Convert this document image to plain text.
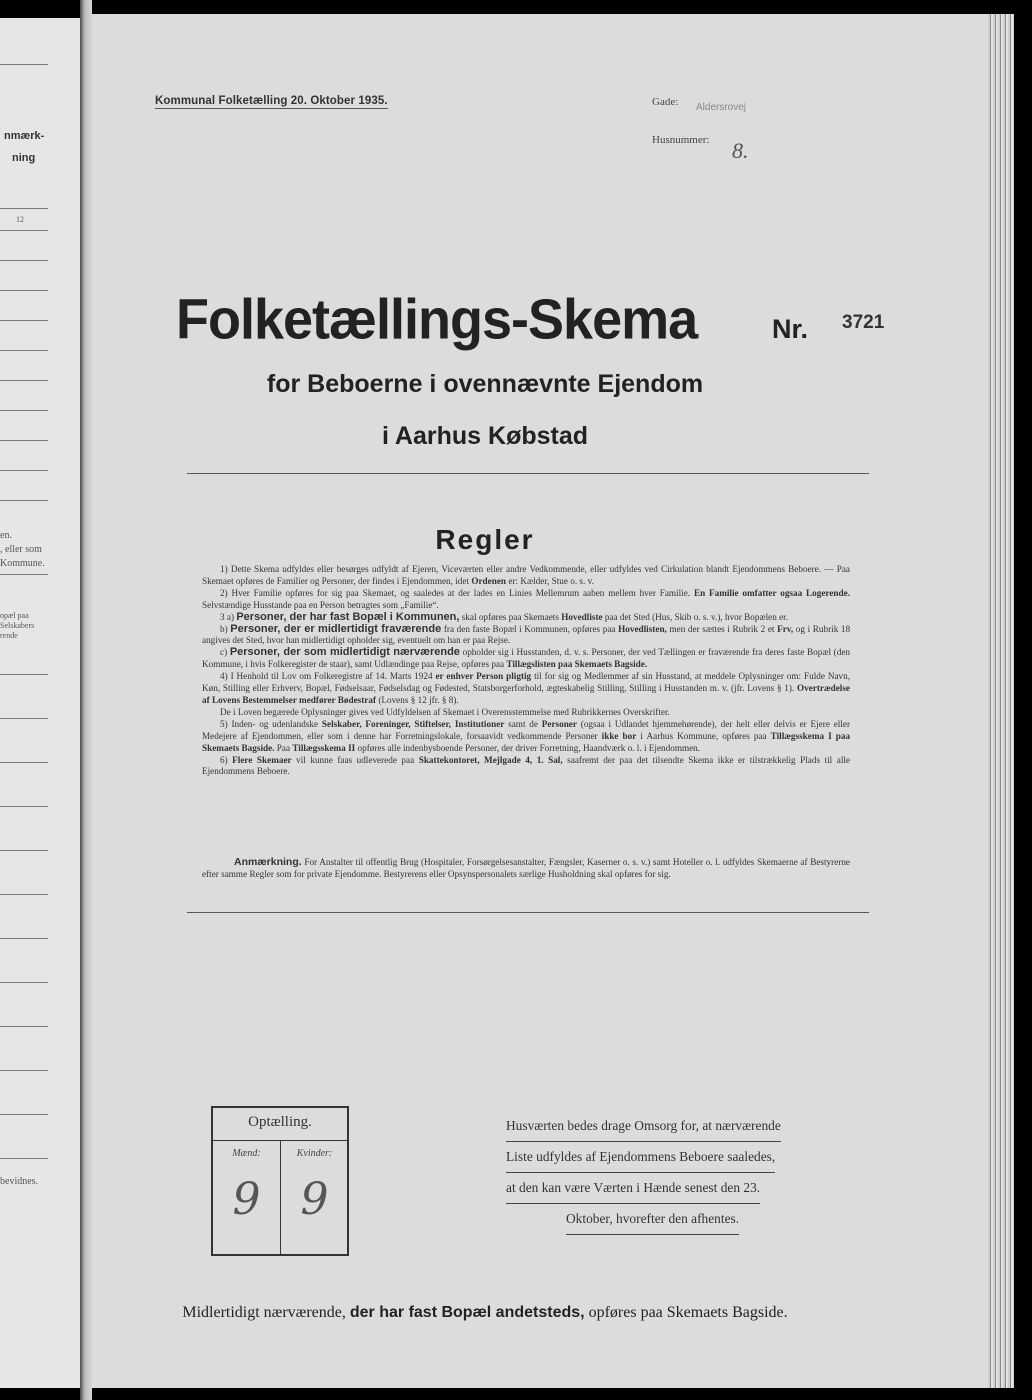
nmærk-
ning
12
en.
, eller som
Kommune.
opæl paa
Selskabers
rende
bevidnes.
Kommunal Folketælling 20. Oktober 1935.	Gade: Aldersrovej
Husnummer: 8.
Folketællings-Skema	Nr. 3721
for Beboerne i ovennævnte Ejendom
i Aarhus Købstad
Regler

1) Dette Skema udfyldes eller besørges udfyldt af Ejeren, Viceværten eller andre Vedkommende, eller udfyldes ved Cirkulation blandt Ejendommens Beboere. — Paa Skemaet opføres de Familier og Personer, der findes i Ejendommen, idet Ordenen er: Kælder, Stue o. s. v.

2) Hver Familie opføres for sig paa Skemaet, og saaledes at der lades en Linies Mellemrum aaben mellem hver Familie. En Familie omfatter ogsaa Logerende. Selvstændige Husstande paa en Person betragtes som „Familie“.

3 a) Personer, der har fast Bopæl i Kommunen, skal opføres paa Skemaets Hovedliste paa det Sted (Hus, Skib o. s. v.), hvor Bopælen er.

b) Personer, der er midlertidigt fraværende fra den faste Bopæl i Kommunen, opføres paa Hovedlisten, men der sættes i Rubrik 2 et Frv, og i Rubrik 18 angives det Sted, hvor han midlertidigt opholder sig, eventuelt om han er paa Rejse.

c) Personer, der som midlertidigt nærværende opholder sig i Husstanden, d. v. s. Personer, der ved Tællingen er fraværende fra deres faste Bopæl (den Kommune, i hvis Folkeregister de staar), samt Udlændinge paa Rejse, opføres paa Tillægslisten paa Skemaets Bagside.

4) I Henhold til Lov om Folkeregistre af 14. Marts 1924 er enhver Person pligtig til for sig og Medlemmer af sin Husstand, at meddele Oplysninger om: Fulde Navn, Køn, Stilling eller Erhverv, Bopæl, Fødselsaar, Fødselsdag og Fødested, Statsborgerforhold, ægteskabelig Stilling, Stilling i Husstanden m. v. (jfr. Lovens § 1). Overtrædelse af Lovens Bestemmelser medfører Bødestraf (Lovens § 12 jfr. § 8).

De i Loven begærede Oplysninger gives ved Udfyldelsen af Skemaet i Overensstemmelse med Rubrikkernes Overskrifter.

5) Inden- og udenlandske Selskaber, Foreninger, Stiftelser, Institutioner samt de Personer (ogsaa i Udlandet hjemmehørende), der helt eller delvis er Ejere eller Medejere af Ejendommen, eller som i denne har Forretningslokale, forsaavidt vedkommende Personer ikke bor i Aarhus Kommune, opføres paa Tillægsskema I paa Skemaets Bagside. Paa Tillægsskema II opføres alle indenbysboende Personer, der driver Forretning, Haandværk o. l. i Ejendommen.

6) Flere Skemaer vil kunne faas udleverede paa Skattekontoret, Mejlgade 4, 1. Sal, saafremt der paa det tilsendte Skema ikke er tilstrækkelig Plads til alle Ejendommens Beboere.

Anmærkning. For Anstalter til offentlig Brug (Hospitaler, Forsørgelsesanstalter, Fængsler, Kaserner o. s. v.) samt Hoteller o. l. udfyldes Skemaerne af Bestyrerne efter samme Regler som for private Ejendomme. Bestyrerens eller Opsynspersonalets særlige Husholdning skal opføres for sig.

Optælling.
Mænd:	Kvinder:
9 9
Husværten bedes drage Omsorg for, at nærværende
Liste udfyldes af Ejendommens Beboere saaledes,
at den kan være Værten i Hænde senest den 23.
Oktober, hvorefter den afhentes.
Midlertidigt nærværende, der har fast Bopæl andetsteds, opføres paa Skemaets Bagside.
